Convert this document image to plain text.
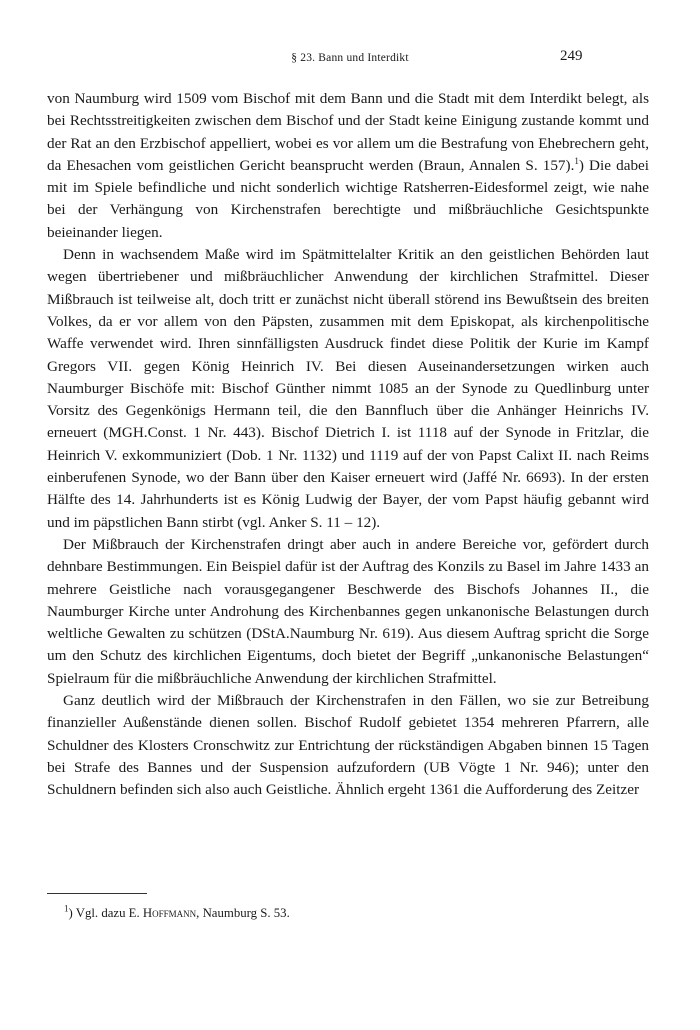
§ 23. Bann und Interdikt	249

von Naumburg wird 1509 vom Bischof mit dem Bann und die Stadt mit dem Interdikt belegt, als bei Rechtsstreitigkeiten zwischen dem Bischof und der Stadt keine Einigung zustande kommt und der Rat an den Erzbischof appelliert, wobei es vor allem um die Bestrafung von Ehebrechern geht, da Ehesachen vom geistlichen Gericht beansprucht werden (Braun, Annalen S. 157).$^1$) Die dabei mit im Spiele befindliche und nicht sonderlich wichtige Ratsherren-Eidesformel zeigt, wie nahe bei der Verhängung von Kirchenstrafen berechtigte und mißbräuchliche Gesichtspunkte beieinander liegen.

Denn in wachsendem Maße wird im Spätmittelalter Kritik an den geistlichen Behörden laut wegen übertriebener und mißbräuchlicher Anwendung der kirchlichen Strafmittel. Dieser Mißbrauch ist teilweise alt, doch tritt er zunächst nicht überall störend ins Bewußtsein des breiten Volkes, da er vor allem von den Päpsten, zusammen mit dem Episkopat, als kirchenpolitische Waffe verwendet wird. Ihren sinnfälligsten Ausdruck findet diese Politik der Kurie im Kampf Gregors VII. gegen König Heinrich IV. Bei diesen Auseinandersetzungen wirken auch Naumburger Bischöfe mit: Bischof Günther nimmt 1085 an der Synode zu Quedlinburg unter Vorsitz des Gegenkönigs Hermann teil, die den Bannfluch über die Anhänger Heinrichs IV. erneuert (MGH.Const. 1 Nr. 443). Bischof Dietrich I. ist 1118 auf der Synode in Fritzlar, die Heinrich V. exkommuniziert (Dob. 1 Nr. 1132) und 1119 auf der von Papst Calixt II. nach Reims einberufenen Synode, wo der Bann über den Kaiser erneuert wird (Jaffé Nr. 6693). In der ersten Hälfte des 14. Jahrhunderts ist es König Ludwig der Bayer, der vom Papst häufig gebannt wird und im päpstlichen Bann stirbt (vgl. Anker S. 11 – 12).

Der Mißbrauch der Kirchenstrafen dringt aber auch in andere Bereiche vor, gefördert durch dehnbare Bestimmungen. Ein Beispiel dafür ist der Auftrag des Konzils zu Basel im Jahre 1433 an mehrere Geistliche nach vorausgegangener Beschwerde des Bischofs Johannes II., die Naumburger Kirche unter Androhung des Kirchenbannes gegen unkanonische Belastungen durch weltliche Gewalten zu schützen (DStA.Naumburg Nr. 619). Aus diesem Auftrag spricht die Sorge um den Schutz des kirchlichen Eigentums, doch bietet der Begriff „unkanonische Belastungen“ Spielraum für die mißbräuchliche Anwendung der kirchlichen Strafmittel.

Ganz deutlich wird der Mißbrauch der Kirchenstrafen in den Fällen, wo sie zur Betreibung finanzieller Außenstände dienen sollen. Bischof Rudolf gebietet 1354 mehreren Pfarrern, alle Schuldner des Klosters Cronschwitz zur Entrichtung der rückständigen Abgaben binnen 15 Tagen bei Strafe des Bannes und der Suspension aufzufordern (UB Vögte 1 Nr. 946); unter den Schuldnern befinden sich also auch Geistliche. Ähnlich ergeht 1361 die Aufforderung des Zeitzer

$^1$) Vgl. dazu E. Hoffmann, Naumburg S. 53.
